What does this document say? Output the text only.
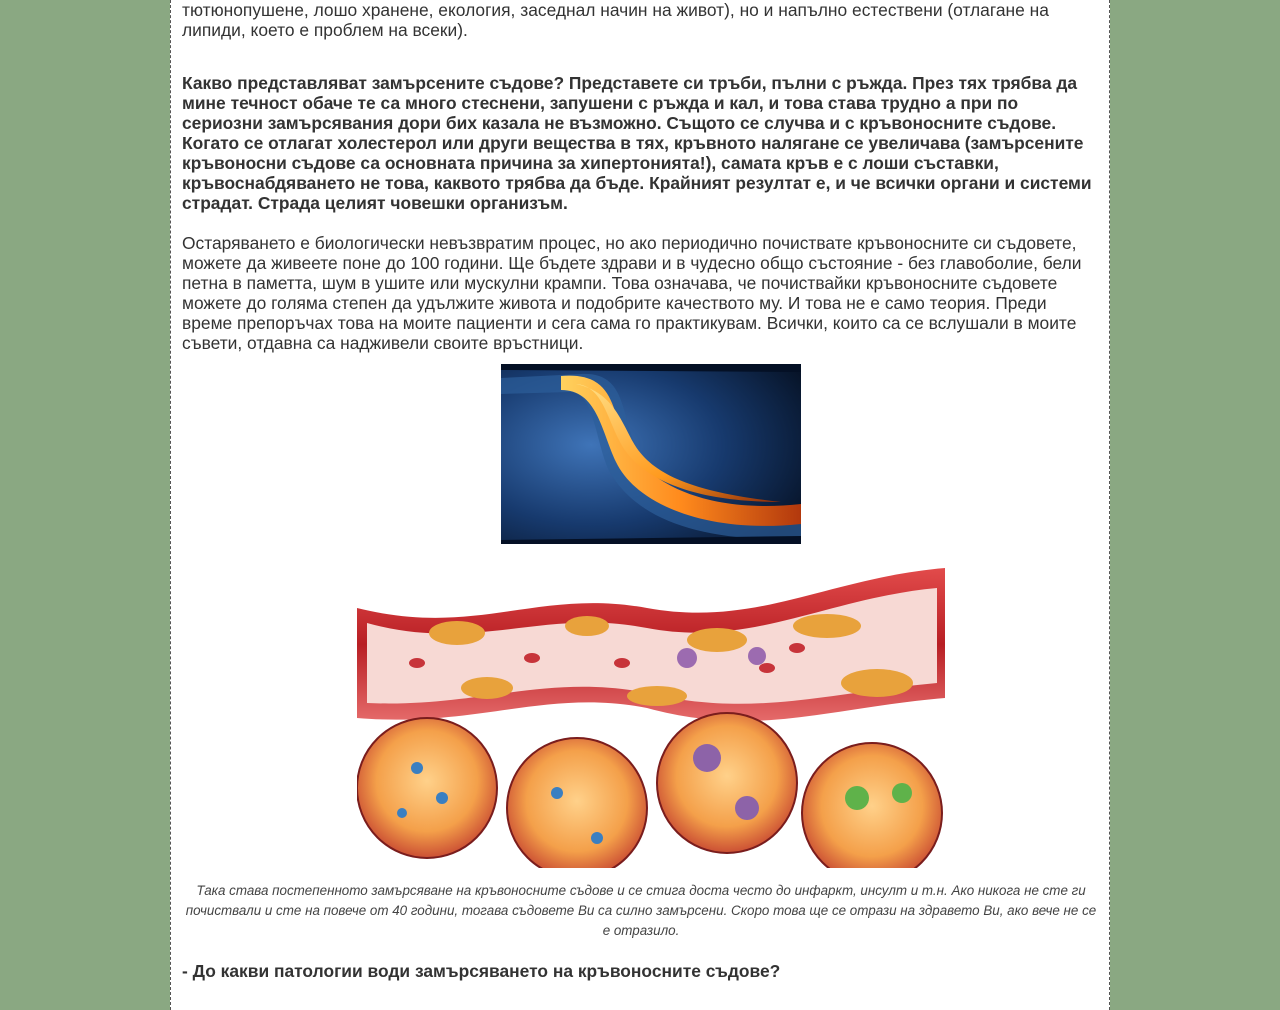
тютюнопушене, лошо хранене, екология, заседнал начин на живот), но и напълно естествени (отлагане на
липиди, което е проблем на всеки).

Какво представляват замърсените съдове? Представете си тръби, пълни с ръжда. През тях трябва да мине течност обаче те са много стеснени, запушени с ръжда и кал, и това става трудно а при по сериозни замърсявания дори бих казала не възможно. Същото се случва и с кръвоносните съдове. Когато се отлагат холестерол или други вещества в тях, кръвното налягане се увеличава (замърсените кръвоносни съдове са основната причина за хипертонията!), самата кръв е с лоши съставки, кръвоснабдяването не това, каквото трябва да бъде. Крайният резултат е, и че всички органи и системи страдат. Страда целият човешки организъм.

Остаряването е биологически невъзвратим процес, но ако периодично почиствате кръвоносните си съдовете, можете да живеете поне до 100 години. Ще бъдете здрави и в чудесно общо състояние - без главоболие, бели петна в паметта, шум в ушите или мускулни крампи. Това означава, че почиствайки кръвоносните съдовете можете до голяма степен да удължите живота и подобрите качеството му. И това не е само теория. Преди време препоръчах това на моите пациенти и сега сама го практикувам. Всички, които са се вслушали в моите съвети, отдавна са надживели своите връстници.

Така става постепенното замърсяване на кръвоносните съдове и се стига доста често до инфаркт, инсулт и т.н. Ако никога не сте ги почиствали и сте на повече от 40 години, тогава съдовете Ви са силно замърсени. Скоро това ще се отрази на здравето Ви, ако вече не се е отразило.

- До какви патологии води замърсяването на кръвоносните съдове?
